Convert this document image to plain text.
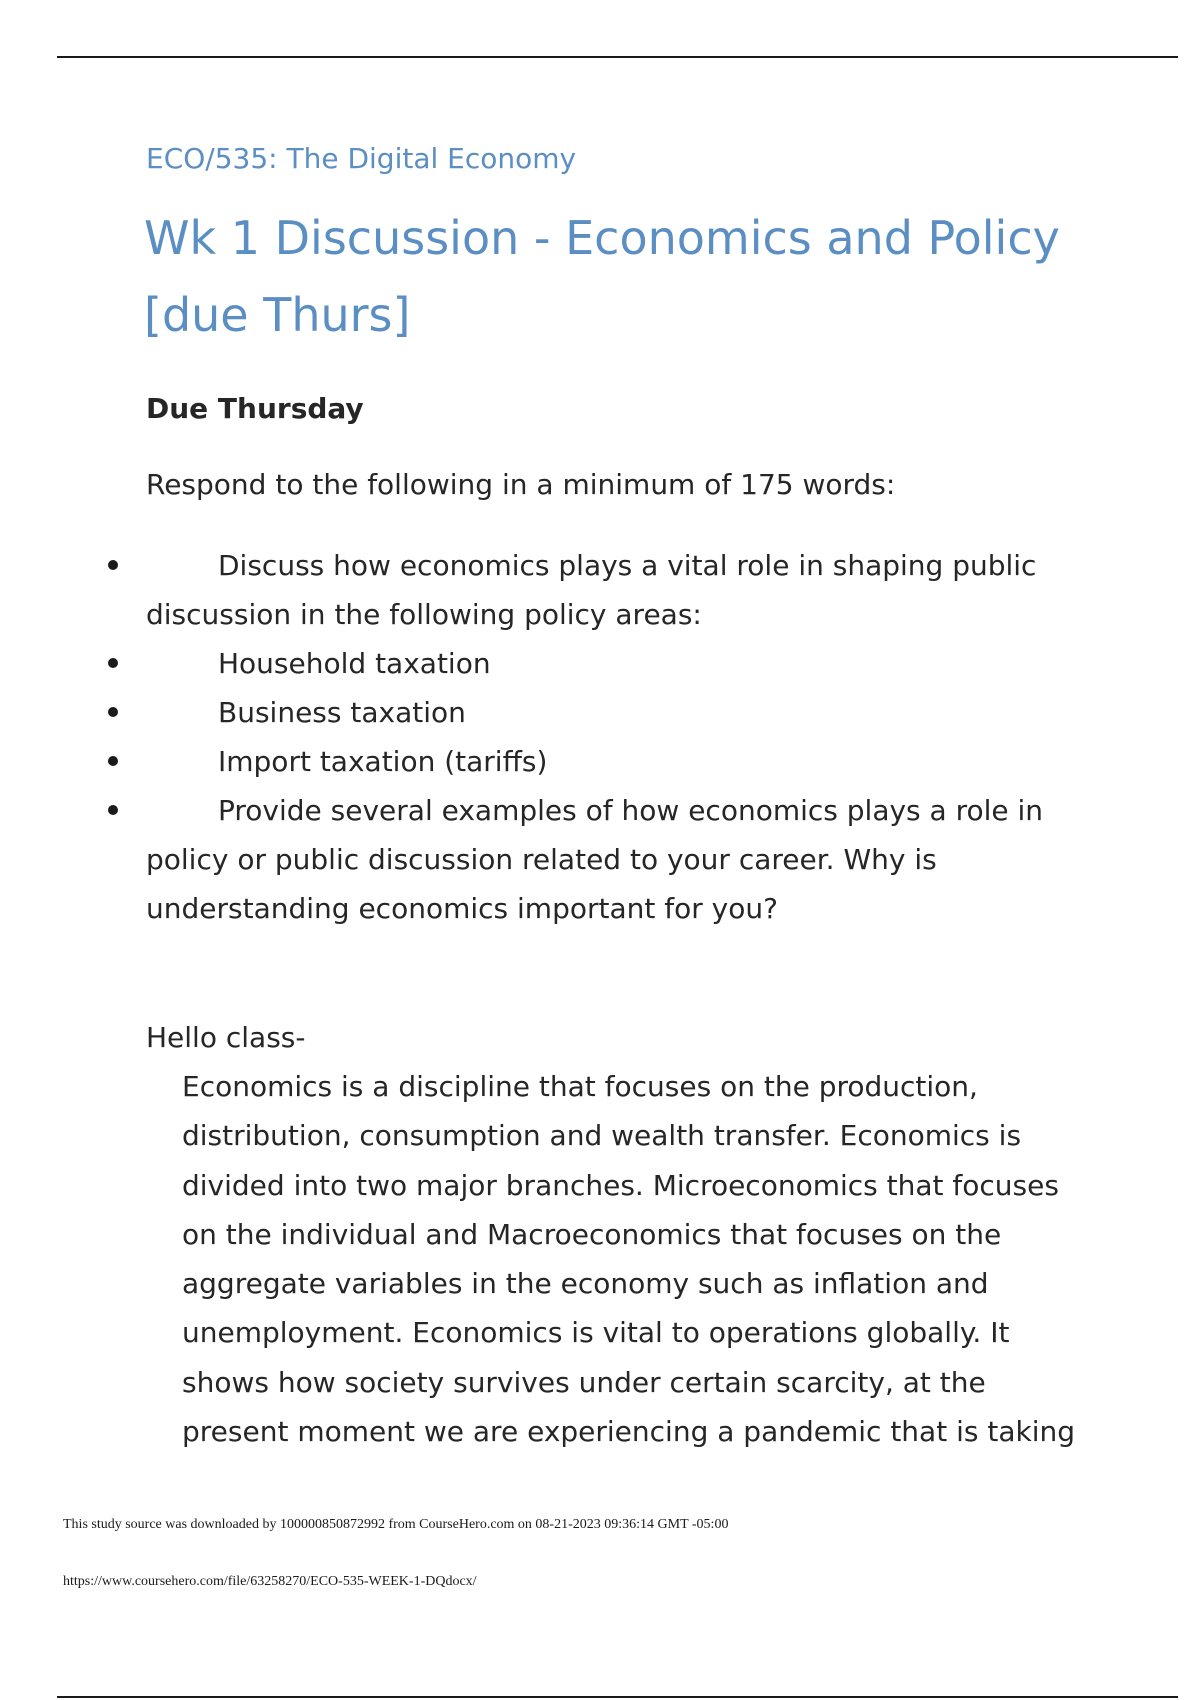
ECO/535: The Digital Economy
Wk 1 Discussion - Economics and Policy [due Thurs]
Due Thursday
Respond to the following in a minimum of 175 words:
Discuss how economics plays a vital role in shaping public discussion in the following policy areas:
Household taxation
Business taxation
Import taxation (tariffs)
Provide several examples of how economics plays a role in policy or public discussion related to your career. Why is understanding economics important for you?
Hello class-
Economics is a discipline that focuses on the production, distribution, consumption and wealth transfer. Economics is divided into two major branches. Microeconomics that focuses on the individual and Macroeconomics that focuses on the aggregate variables in the economy such as inflation and unemployment. Economics is vital to operations globally. It shows how society survives under certain scarcity, at the present moment we are experiencing a pandemic that is taking
This study source was downloaded by 100000850872992 from CourseHero.com on 08-21-2023 09:36:14 GMT -05:00
https://www.coursehero.com/file/63258270/ECO-535-WEEK-1-DQdocx/
